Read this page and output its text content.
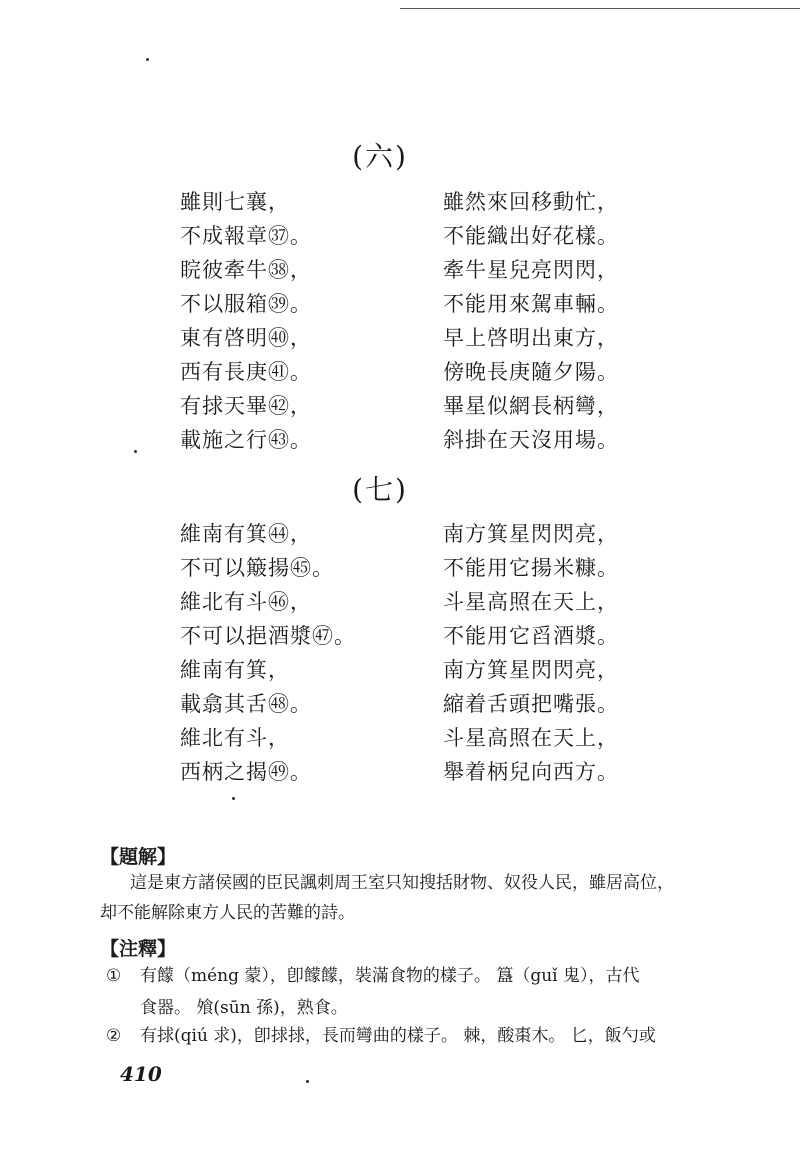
(六)
雖則七襄，	雖然來回移動忙，
不成報章㊲。	不能織出好花樣。
睆彼牽牛㊳，	牽牛星兒亮閃閃，
不以服箱㊴。	不能用來駕車輛。
東有啓明㊵，	早上啓明出東方，
西有長庚㊶。	傍晚長庚隨夕陽。
有捄天畢㊷，	畢星似網長柄彎，
載施之行㊸。	斜掛在天沒用場。
(七)
維南有箕㊹，	南方箕星閃閃亮，
不可以簸揚㊺。	不能用它揚米糠。
維北有斗㊻，	斗星高照在天上，
不可以挹酒漿㊼。	不能用它舀酒漿。
維南有箕，	南方箕星閃閃亮，
載翕其舌㊽。	縮着舌頭把嘴張。
維北有斗，	斗星高照在天上，
西柄之揭㊾。	舉着柄兒向西方。
【題解】
這是東方諸侯國的臣民諷刺周王室只知搜括財物、奴役人民，雖居高位，却不能解除東方人民的苦難的詩。
【注釋】
① 有饛（méng 蒙），卽饛饛，裝滿食物的樣子。 簋（guǐ 鬼），古代
食器。 飧(sūn 孫)，熟食。
② 有捄(qiú 求)，卽捄捄，長而彎曲的樣子。 棘，酸棗木。 匕，飯勺或
410
